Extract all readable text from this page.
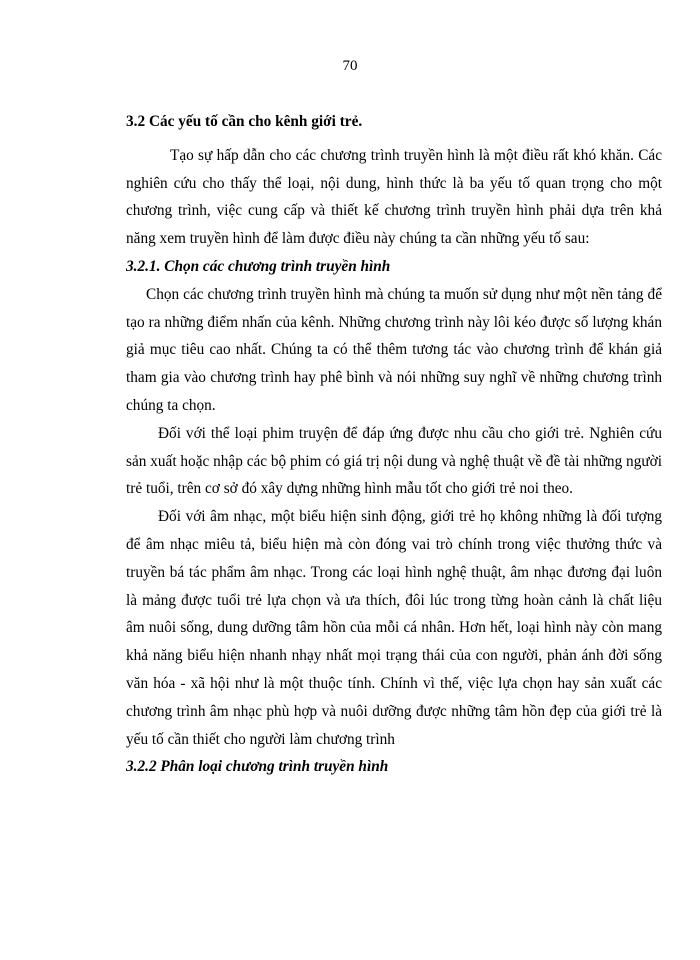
70

3.2 Các yếu tố cần cho kênh giới trẻ.

Tạo sự hấp dẫn cho các chương trình truyền hình là một điều rất khó khăn. Các nghiên cứu cho thấy thể loại, nội dung, hình thức là ba yếu tố quan trọng cho một chương trình, việc cung cấp và thiết kế chương trình truyền hình phải dựa trên khả năng xem truyền hình để làm được điều này chúng ta cần những yếu tố sau:

3.2.1. Chọn các chương trình truyền hình

Chọn các chương trình truyền hình mà chúng ta muốn sử dụng như một nền tảng để tạo ra những điểm nhấn của kênh. Những chương trình này lôi kéo được số lượng khán giả mục tiêu cao nhất. Chúng ta có thể thêm tương tác vào chương trình để khán giả tham gia vào chương trình hay phê bình và nói những suy nghĩ về những chương trình chúng ta chọn.

Đối với thể loại phim truyện để đáp ứng được nhu cầu cho giới trẻ. Nghiên cứu sản xuất hoặc nhập các bộ phim có giá trị nội dung và nghệ thuật về đề tài những người trẻ tuổi, trên cơ sở đó xây dựng những hình mẫu tốt cho giới trẻ noi theo.

Đối với âm nhạc, một biểu hiện sinh động, giới trẻ họ không những là đối tượng để âm nhạc miêu tả, biểu hiện mà còn đóng vai trò chính trong việc thưởng thức và truyền bá tác phẩm âm nhạc. Trong các loại hình nghệ thuật, âm nhạc đương đại luôn là mảng được tuổi trẻ lựa chọn và ưa thích, đôi lúc trong từng hoàn cảnh là chất liệu âm nuôi sống, dung dưỡng tâm hồn của mỗi cá nhân. Hơn hết, loại hình này còn mang khả năng biểu hiện nhanh nhạy nhất mọi trạng thái của con người, phản ánh đời sống văn hóa - xã hội như là một thuộc tính. Chính vì thế, việc lựa chọn hay sản xuất các chương trình âm nhạc phù hợp và nuôi dưỡng được những tâm hồn đẹp của giới trẻ là yếu tố cần thiết cho người làm chương trình

3.2.2 Phân loại chương trình truyền hình
